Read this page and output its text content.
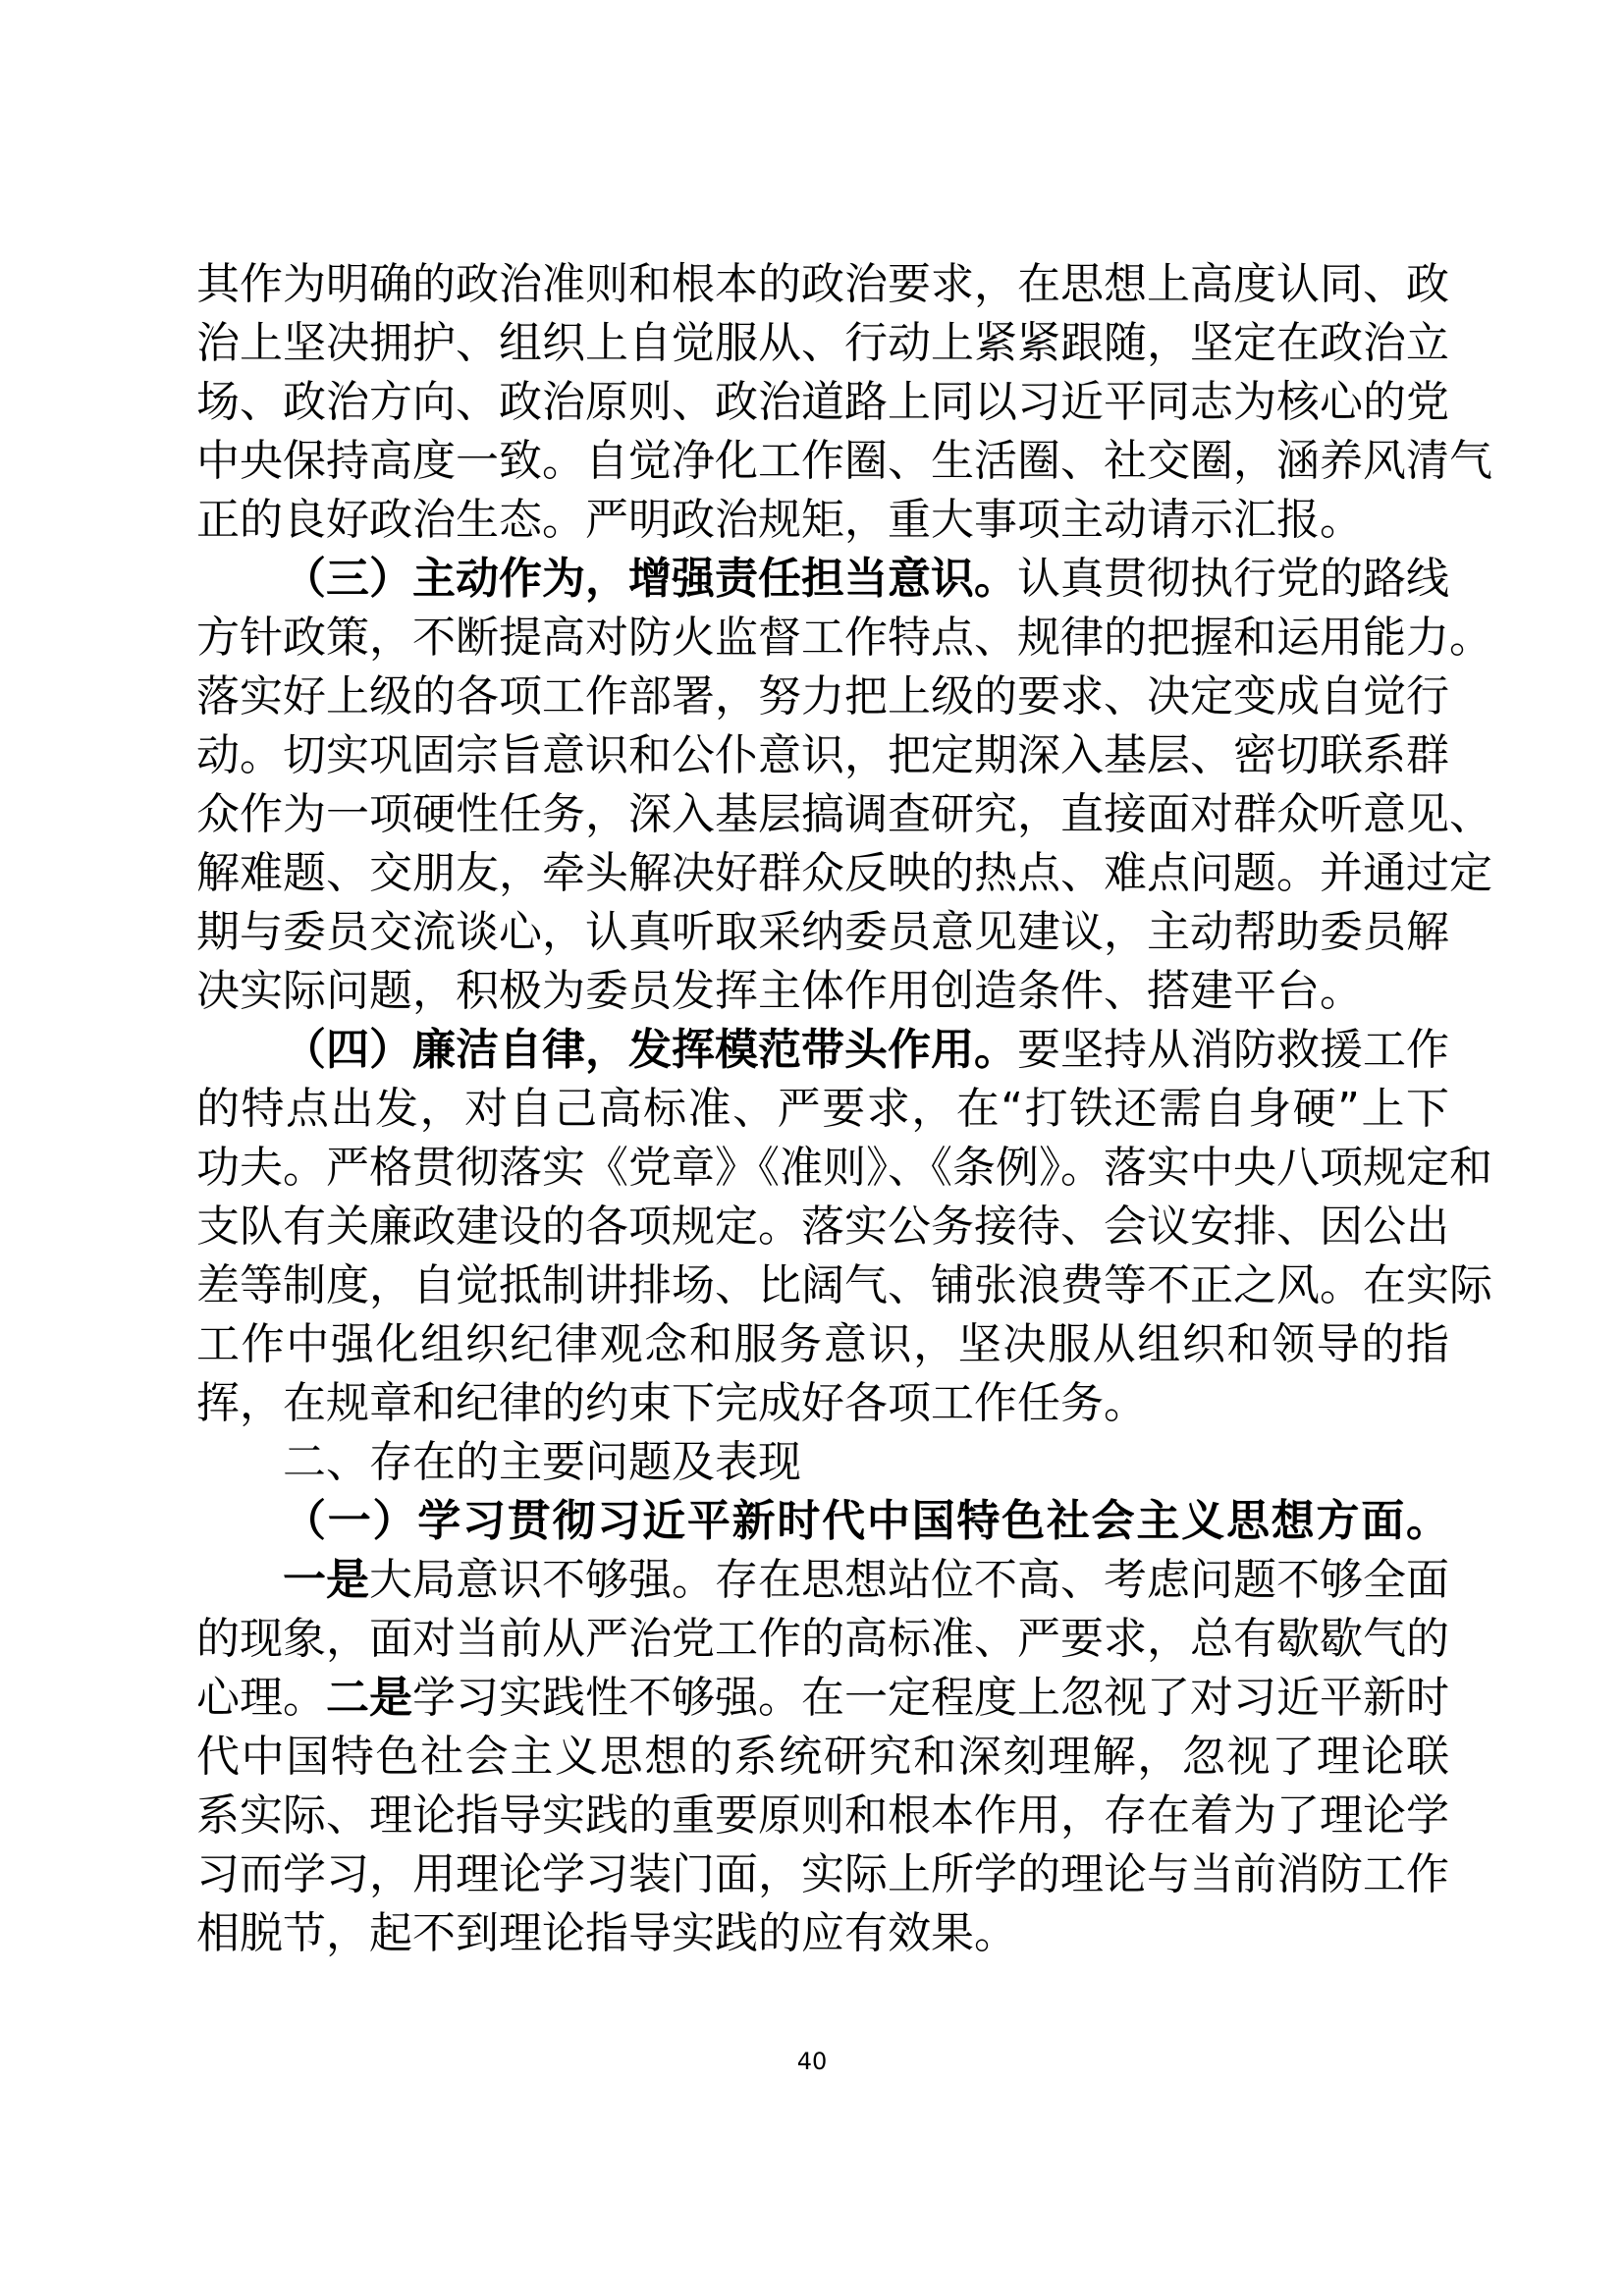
其作为明确的政治准则和根本的政治要求，在思想上高度认同、政
治上坚决拥护、组织上自觉服从、行动上紧紧跟随，坚定在政治立
场、政治方向、政治原则、政治道路上同以习近平同志为核心的党
中央保持高度一致。自觉净化工作圈、生活圈、社交圈，涵养风清气
正的良好政治生态。严明政治规矩，重大事项主动请示汇报。
（三）主动作为，增强责任担当意识。认真贯彻执行党的路线
方针政策，不断提高对防火监督工作特点、规律的把握和运用能力。
落实好上级的各项工作部署，努力把上级的要求、决定变成自觉行
动。切实巩固宗旨意识和公仆意识，把定期深入基层、密切联系群
众作为一项硬性任务，深入基层搞调查研究，直接面对群众听意见、
解难题、交朋友，牵头解决好群众反映的热点、难点问题。并通过定
期与委员交流谈心，认真听取采纳委员意见建议，主动帮助委员解
决实际问题，积极为委员发挥主体作用创造条件、搭建平台。
（四）廉洁自律，发挥模范带头作用。要坚持从消防救援工作
的特点出发，对自己高标准、严要求，在“打铁还需自身硬”上下
功夫。严格贯彻落实《党章》《准则》、《条例》。落实中央八项规定和
支队有关廉政建设的各项规定。落实公务接待、会议安排、因公出
差等制度，自觉抵制讲排场、比阔气、铺张浪费等不正之风。在实际
工作中强化组织纪律观念和服务意识，坚决服从组织和领导的指
挥，在规章和纪律的约束下完成好各项工作任务。
二、存在的主要问题及表现
（一）学习贯彻习近平新时代中国特色社会主义思想方面。
一是大局意识不够强。存在思想站位不高、考虑问题不够全面
的现象，面对当前从严治党工作的高标准、严要求，总有歇歇气的
心理。二是学习实践性不够强。在一定程度上忽视了对习近平新时
代中国特色社会主义思想的系统研究和深刻理解，忽视了理论联
系实际、理论指导实践的重要原则和根本作用，存在着为了理论学
习而学习，用理论学习装门面，实际上所学的理论与当前消防工作
相脱节，起不到理论指导实践的应有效果。
40
